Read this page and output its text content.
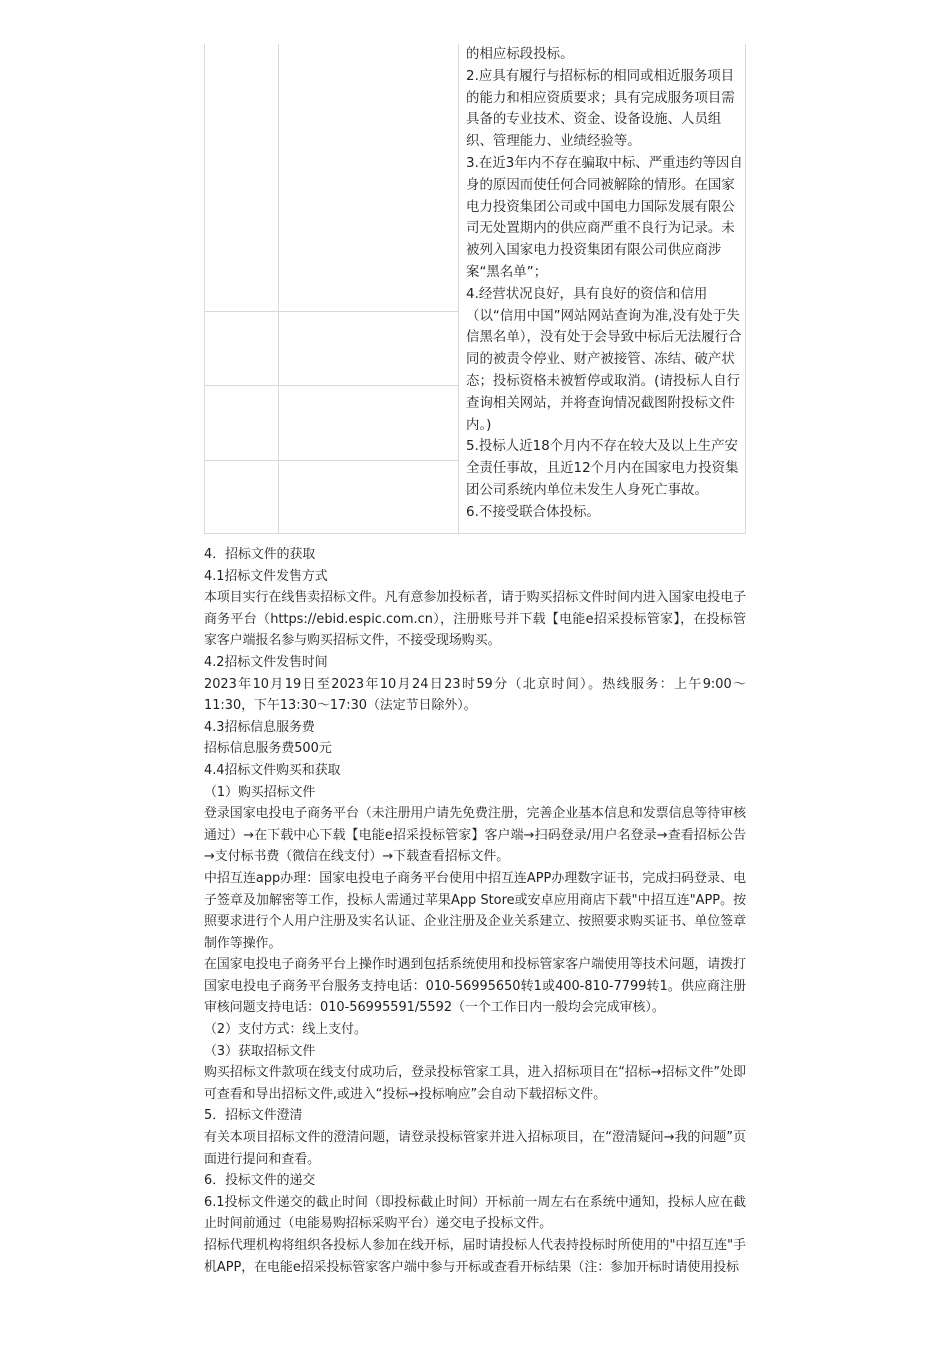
的相应标段投标。

2.应具有履行与招标标的相同或相近服务项目的能力和相应资质要求；具有完成服务项目需具备的专业技术、资金、设备设施、人员组织、管理能力、业绩经验等。

3.在近3年内不存在骗取中标、严重违约等因自身的原因而使任何合同被解除的情形。在国家电力投资集团公司或中国电力国际发展有限公司无处置期内的供应商严重不良行为记录。未被列入国家电力投资集团有限公司供应商涉案“黑名单”；

4.经营状况良好，具有良好的资信和信用（以“信用中国”网站网站查询为准,没有处于失信黑名单），没有处于会导致中标后无法履行合同的被责令停业、财产被接管、冻结、破产状态；投标资格未被暂停或取消。(请投标人自行查询相关网站，并将查询情况截图附投标文件内。)

5.投标人近18个月内不存在较大及以上生产安全责任事故，且近12个月内在国家电力投资集团公司系统内单位未发生人身死亡事故。

6.不接受联合体投标。

4．招标文件的获取

4.1招标文件发售方式

本项目实行在线售卖招标文件。凡有意参加投标者，请于购买招标文件时间内进入国家电投电子商务平台（https://ebid.espic.com.cn），注册账号并下载【电能e招采投标管家】，在投标管家客户端报名参与购买招标文件，不接受现场购买。

4.2招标文件发售时间

2023年10月19日至2023年10月24日23时59分（北京时间）。热线服务：上午9:00～11:30，下午13:30～17:30（法定节日除外）。

4.3招标信息服务费

招标信息服务费500元

4.4招标文件购买和获取

（1）购买招标文件

登录国家电投电子商务平台（未注册用户请先免费注册，完善企业基本信息和发票信息等待审核通过）→在下载中心下载【电能e招采投标管家】客户端→扫码登录/用户名登录→查看招标公告→支付标书费（微信在线支付）→下载查看招标文件。

中招互连app办理：国家电投电子商务平台使用中招互连APP办理数字证书，完成扫码登录、电子签章及加解密等工作，投标人需通过苹果App Store或安卓应用商店下载"中招互连"APP。按照要求进行个人用户注册及实名认证、企业注册及企业关系建立、按照要求购买证书、单位签章制作等操作。

在国家电投电子商务平台上操作时遇到包括系统使用和投标管家客户端使用等技术问题，请拨打国家电投电子商务平台服务支持电话：010-56995650转1或400-810-7799转1。供应商注册审核问题支持电话：010-56995591/5592（一个工作日内一般均会完成审核）。

（2）支付方式：线上支付。

（3）获取招标文件

购买招标文件款项在线支付成功后，登录投标管家工具，进入招标项目在“招标→招标文件”处即可查看和导出招标文件,或进入“投标→投标响应”会自动下载招标文件。

5．招标文件澄清

有关本项目招标文件的澄清问题，请登录投标管家并进入招标项目，在“澄清疑问→我的问题”页面进行提问和查看。

6．投标文件的递交

6.1投标文件递交的截止时间（即投标截止时间）开标前一周左右在系统中通知，投标人应在截止时间前通过（电能易购招标采购平台）递交电子投标文件。

招标代理机构将组织各投标人参加在线开标，届时请投标人代表持投标时所使用的"中招互连"手机APP，在电能e招采投标管家客户端中参与开标或查看开标结果（注：参加开标时请使用投标
